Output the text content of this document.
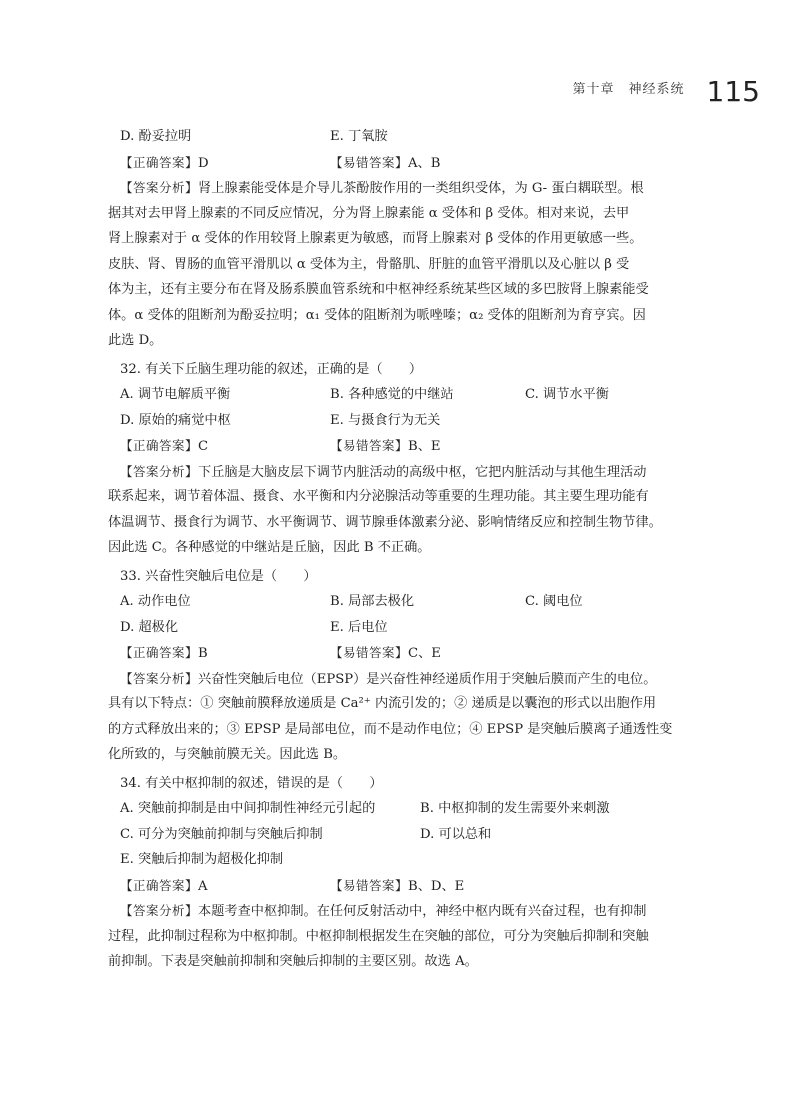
第十章　神经系统 115
D. 酚妥拉明	E. 丁氧胺
【正确答案】D	【易错答案】A、B
【答案分析】肾上腺素能受体是介导儿茶酚胺作用的一类组织受体，为 G- 蛋白耦联型。根
据其对去甲肾上腺素的不同反应情况，分为肾上腺素能 α 受体和 β 受体。相对来说，去甲
肾上腺素对于 α 受体的作用较肾上腺素更为敏感，而肾上腺素对 β 受体的作用更敏感一些。
皮肤、肾、胃肠的血管平滑肌以 α 受体为主，骨骼肌、肝脏的血管平滑肌以及心脏以 β 受
体为主，还有主要分布在肾及肠系膜血管系统和中枢神经系统某些区域的多巴胺肾上腺素能受
体。α 受体的阻断剂为酚妥拉明；α₁ 受体的阻断剂为哌唑嗪；α₂ 受体的阻断剂为育亨宾。因
此选 D。
32. 有关下丘脑生理功能的叙述，正确的是（　　）
A. 调节电解质平衡	B. 各种感觉的中继站	C. 调节水平衡
D. 原始的痛觉中枢	E. 与摄食行为无关
【正确答案】C	【易错答案】B、E
【答案分析】下丘脑是大脑皮层下调节内脏活动的高级中枢，它把内脏活动与其他生理活动
联系起来，调节着体温、摄食、水平衡和内分泌腺活动等重要的生理功能。其主要生理功能有
体温调节、摄食行为调节、水平衡调节、调节腺垂体激素分泌、影响情绪反应和控制生物节律。
因此选 C。各种感觉的中继站是丘脑，因此 B 不正确。
33. 兴奋性突触后电位是（　　）
A. 动作电位	B. 局部去极化	C. 阈电位
D. 超极化	E. 后电位
【正确答案】B	【易错答案】C、E
【答案分析】兴奋性突触后电位（EPSP）是兴奋性神经递质作用于突触后膜而产生的电位。
具有以下特点：① 突触前膜释放递质是 Ca²⁺ 内流引发的；② 递质是以囊泡的形式以出胞作用
的方式释放出来的；③ EPSP 是局部电位，而不是动作电位；④ EPSP 是突触后膜离子通透性变
化所致的，与突触前膜无关。因此选 B。
34. 有关中枢抑制的叙述，错误的是（　　）
A. 突触前抑制是由中间抑制性神经元引起的	B. 中枢抑制的发生需要外来刺激
C. 可分为突触前抑制与突触后抑制	D. 可以总和
E. 突触后抑制为超极化抑制
【正确答案】A	【易错答案】B、D、E
【答案分析】本题考查中枢抑制。在任何反射活动中，神经中枢内既有兴奋过程，也有抑制
过程，此抑制过程称为中枢抑制。中枢抑制根据发生在突触的部位，可分为突触后抑制和突触
前抑制。下表是突触前抑制和突触后抑制的主要区别。故选 A。
